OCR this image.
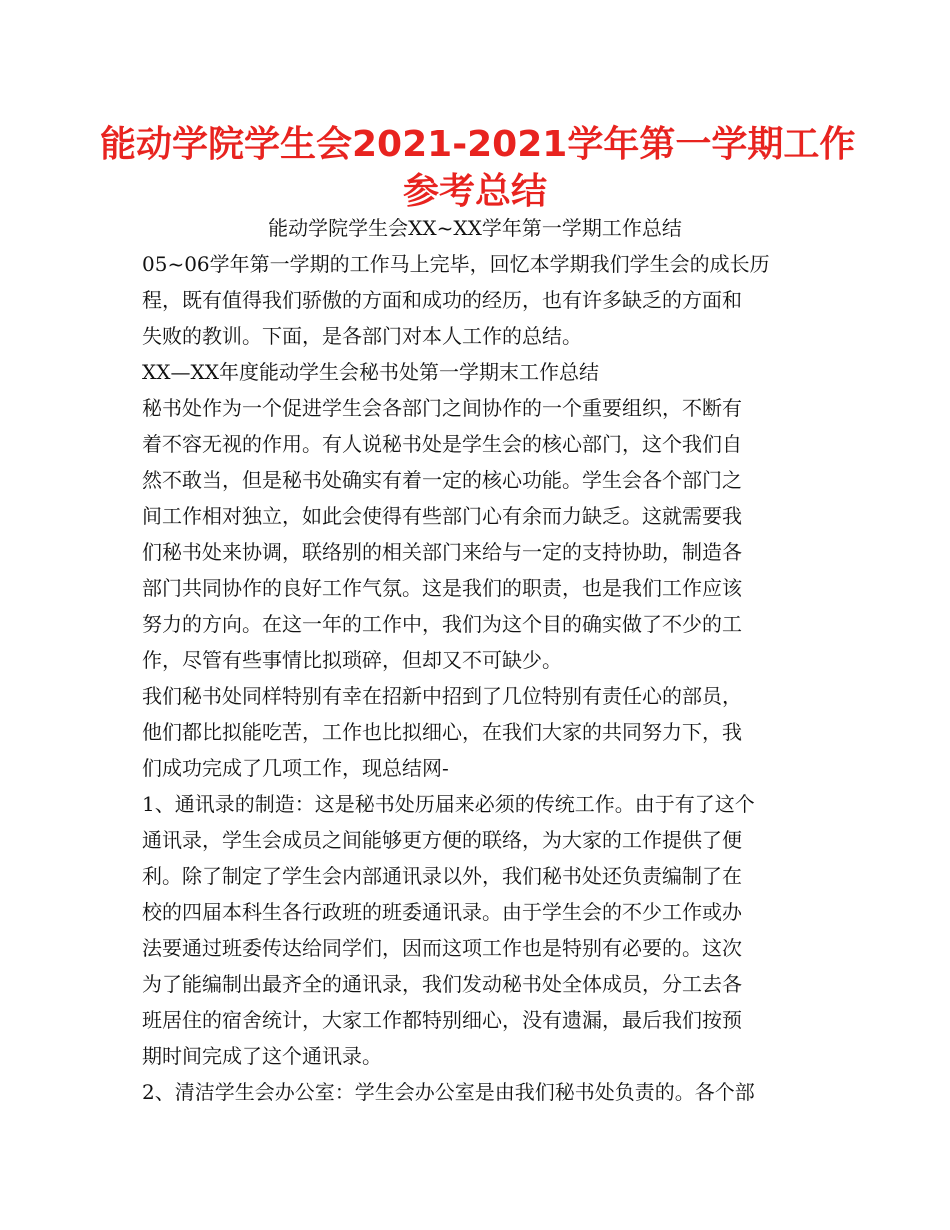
能动学院学生会2021-2021学年第一学期工作
参考总结
能动学院学生会XX~XX学年第一学期工作总结
05~06学年第一学期的工作马上完毕，回忆本学期我们学生会的成长历
程，既有值得我们骄傲的方面和成功的经历，也有许多缺乏的方面和
失败的教训。下面，是各部门对本人工作的总结。
XX—XX年度能动学生会秘书处第一学期末工作总结
秘书处作为一个促进学生会各部门之间协作的一个重要组织，不断有
着不容无视的作用。有人说秘书处是学生会的核心部门，这个我们自
然不敢当，但是秘书处确实有着一定的核心功能。学生会各个部门之
间工作相对独立，如此会使得有些部门心有余而力缺乏。这就需要我
们秘书处来协调，联络别的相关部门来给与一定的支持协助，制造各
部门共同协作的良好工作气氛。这是我们的职责，也是我们工作应该
努力的方向。在这一年的工作中，我们为这个目的确实做了不少的工
作，尽管有些事情比拟琐碎，但却又不可缺少。
我们秘书处同样特别有幸在招新中招到了几位特别有责任心的部员，
他们都比拟能吃苦，工作也比拟细心，在我们大家的共同努力下，我
们成功完成了几项工作，现总结网-
1、通讯录的制造：这是秘书处历届来必须的传统工作。由于有了这个
通讯录，学生会成员之间能够更方便的联络，为大家的工作提供了便
利。除了制定了学生会内部通讯录以外，我们秘书处还负责编制了在
校的四届本科生各行政班的班委通讯录。由于学生会的不少工作或办
法要通过班委传达给同学们，因而这项工作也是特别有必要的。这次
为了能编制出最齐全的通讯录，我们发动秘书处全体成员，分工去各
班居住的宿舍统计，大家工作都特别细心，没有遗漏，最后我们按预
期时间完成了这个通讯录。
2、清洁学生会办公室：学生会办公室是由我们秘书处负责的。各个部
